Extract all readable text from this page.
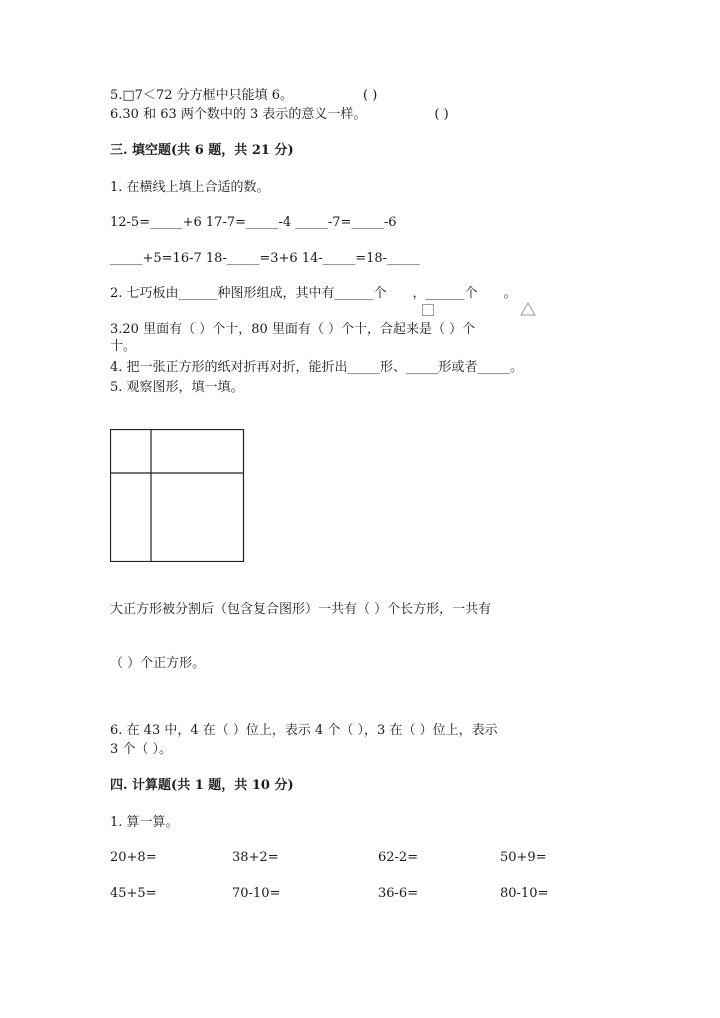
5.□7＜72 分方框中只能填 6。	( )

6.30 和 63 两个数中的 3 表示的意义一样。	( )

三. 填空题(共 6 题，共 21 分)

1. 在横线上填上合适的数。

12-5=_____+6 17-7=_____-4 _____-7=_____-6

_____+5=16-7 18-_____=3+6 14-_____=18-_____

2. 七巧板由______种图形组成，其中有______个 ，______个 。

3.20 里面有（ ）个十，80 里面有（ ）个十，合起来是（ ）个

十。

4. 把一张正方形的纸对折再对折，能折出_____形、_____形或者_____。

5. 观察图形，填一填。

大正方形被分割后（包含复合图形）一共有（ ）个长方形，一共有

（ ）个正方形。

6. 在 43 中，4 在（ ）位上，表示 4 个（ ），3 在（ ）位上，表示

3 个（ ）。

四. 计算题(共 1 题，共 10 分)

1. 算一算。

20+8=	38+2=	62-2=	50+9=
45+5=	70-10=	36-6=	80-10=
